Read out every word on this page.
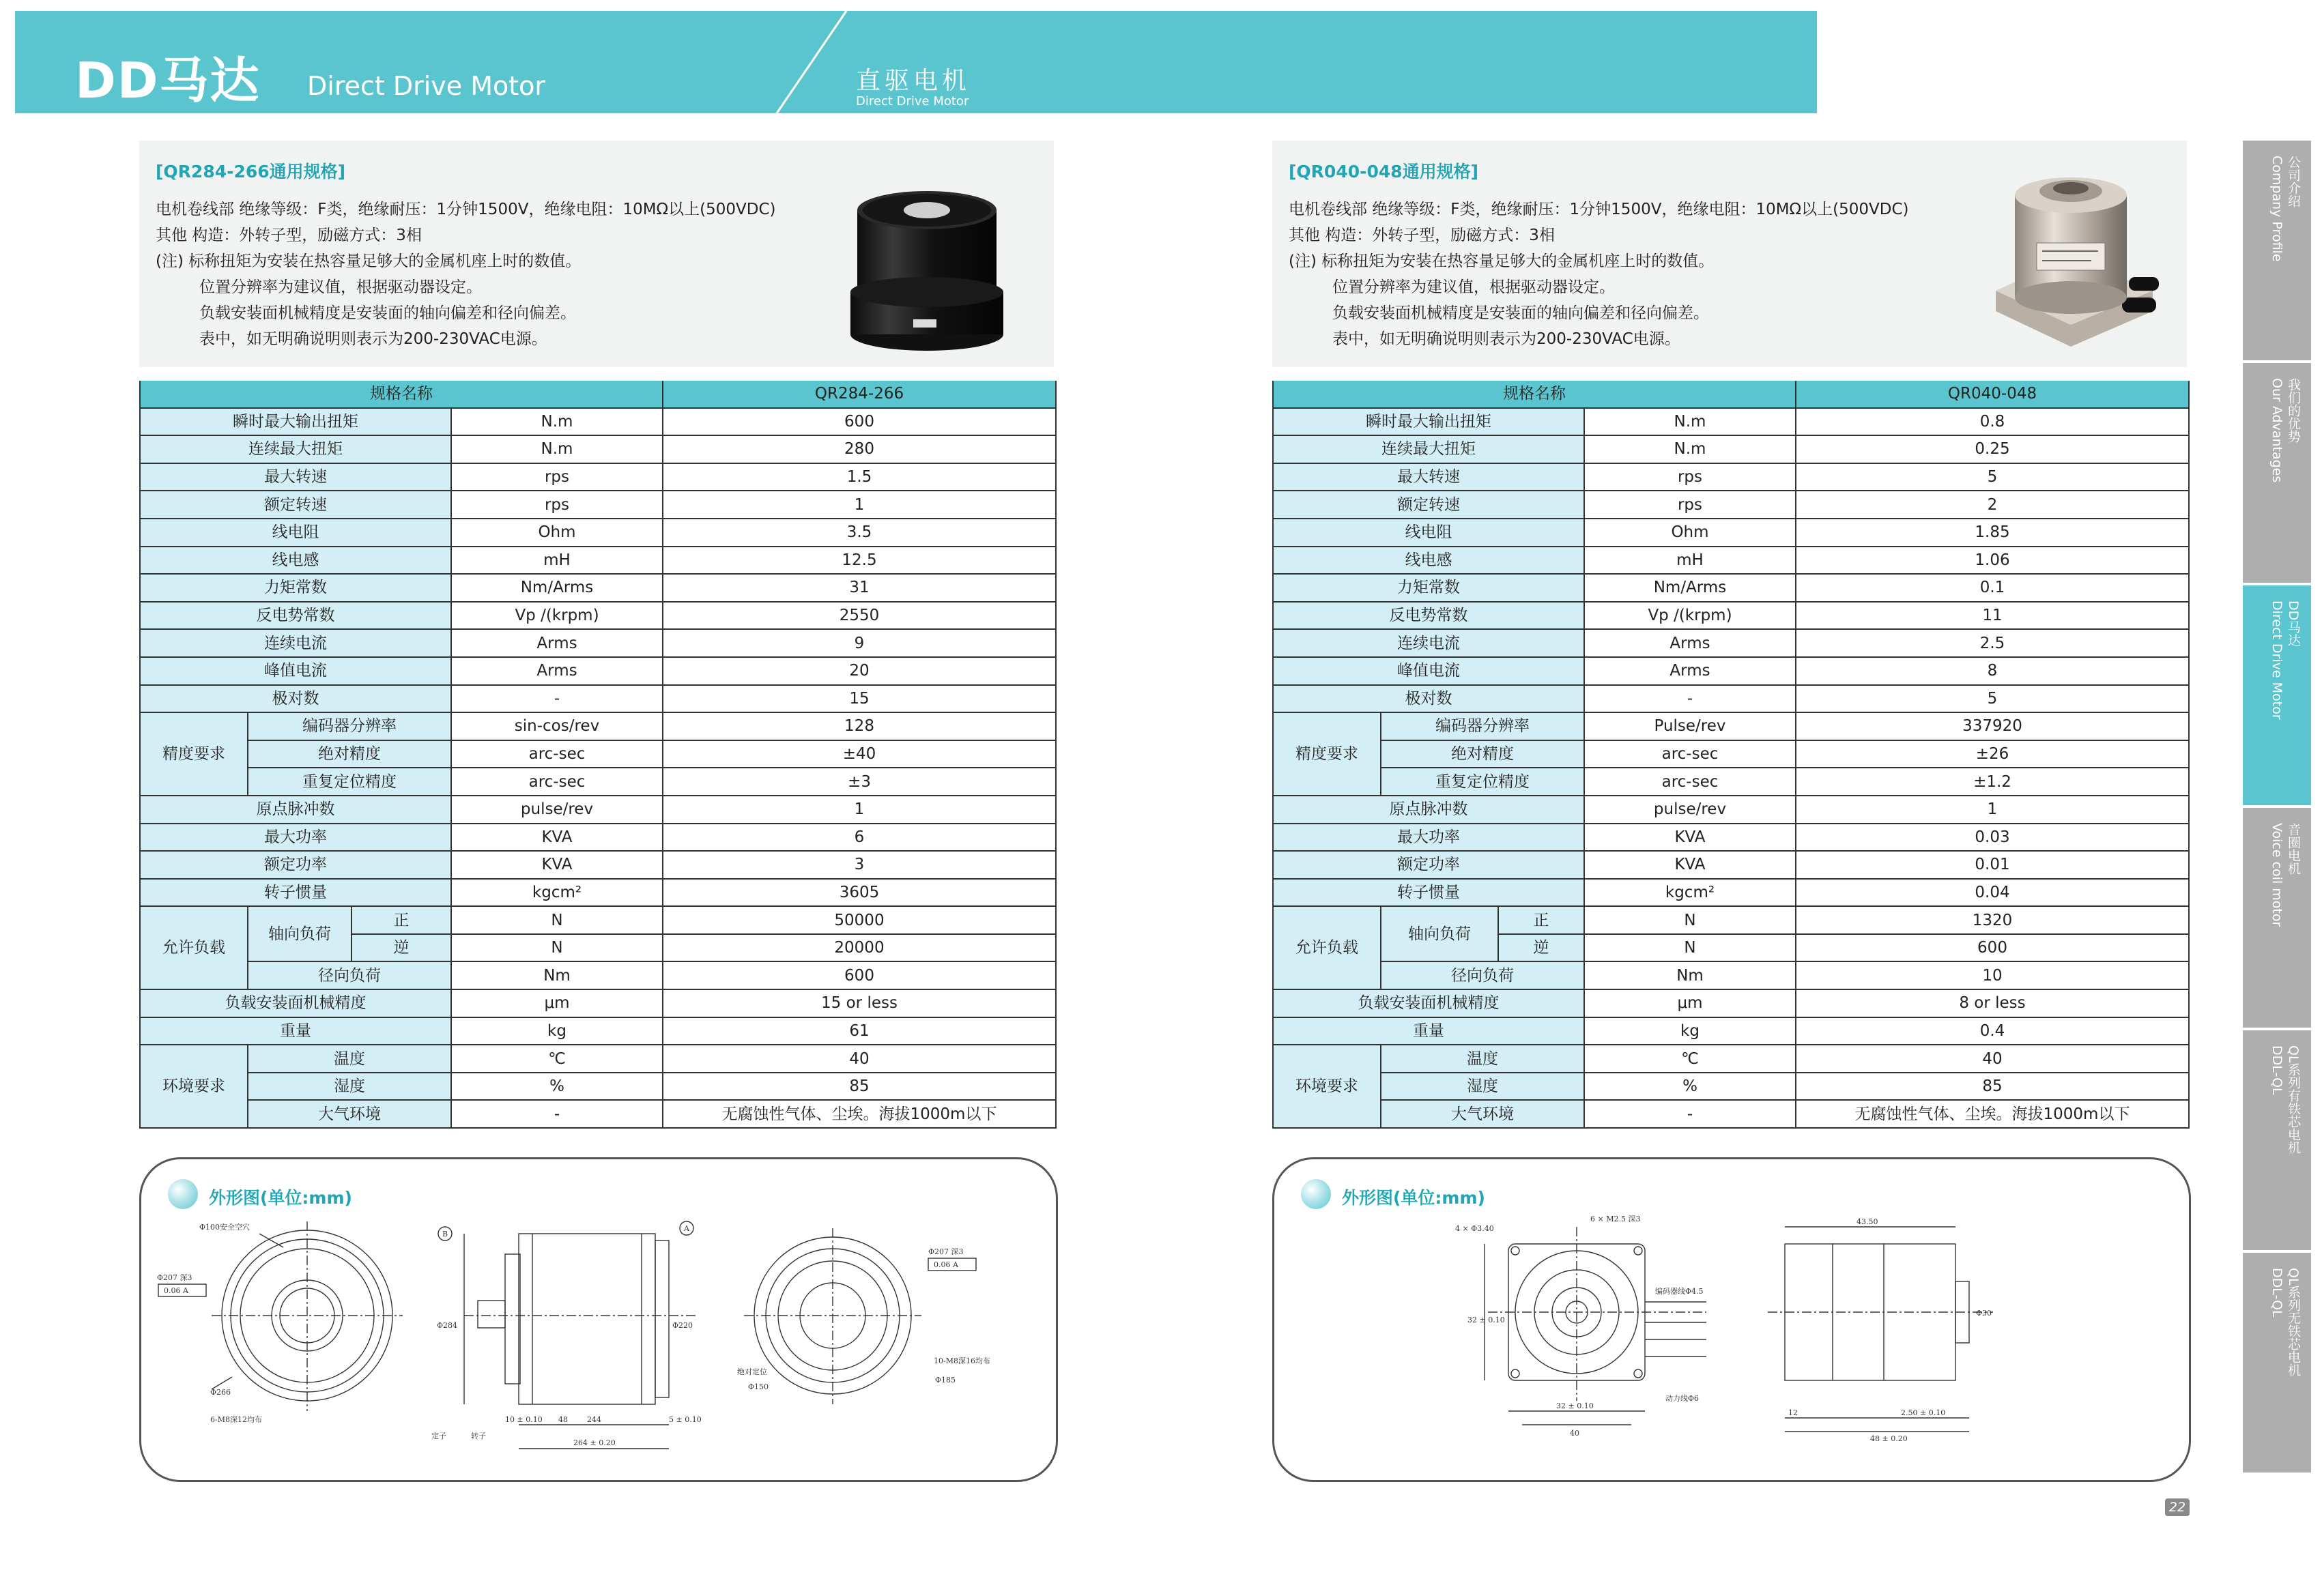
DD马达 Direct Drive Motor	直驱电机
Direct Drive Motor
[QR284-266通用规格]
电机卷线部 绝缘等级：F类，绝缘耐压：1分钟1500V，绝缘电阻：10MΩ以上(500VDC)
其他 构造：外转子型，励磁方式：3相
(注) 标称扭矩为安装在热容量足够大的金属机座上时的数值。
位置分辨率为建议值，根据驱动器设定。
负载安装面机械精度是安装面的轴向偏差和径向偏差。
表中，如无明确说明则表示为200-230VAC电源。
[QR040-048通用规格]
电机卷线部 绝缘等级：F类，绝缘耐压：1分钟1500V，绝缘电阻：10MΩ以上(500VDC)
其他 构造：外转子型，励磁方式：3相
(注) 标称扭矩为安装在热容量足够大的金属机座上时的数值。
位置分辨率为建议值，根据驱动器设定。
负载安装面机械精度是安装面的轴向偏差和径向偏差。
表中，如无明确说明则表示为200-230VAC电源。
规格名称				QR284-266
瞬时最大输出扭矩			N.m	600
连续最大扭矩			N.m	280
最大转速			rps	1.5
额定转速			rps	1
线电阻			Ohm	3.5
线电感			mH	12.5
力矩常数			Nm/Arms	31
反电势常数			Vp /(krpm)	2550
连续电流			Arms	9
峰值电流			Arms	20
极对数			-	15
精度要求	编码器分辨率		sin-cos/rev	128
	绝对精度		arc-sec	±40
	重复定位精度		arc-sec	±3
原点脉冲数			pulse/rev	1
最大功率			KVA	6
额定功率			KVA	3
转子惯量			kgcm²	3605
允许负载	轴向负荷	正	N	50000
		逆	N	20000
	径向负荷		Nm	600
负载安装面机械精度			μm	15 or less
重量			kg	61
环境要求	温度		℃	40
	湿度		%	85
	大气环境		-	无腐蚀性气体、尘埃。海拔1000m以下
规格名称				QR040-048
瞬时最大输出扭矩			N.m	0.8
连续最大扭矩			N.m	0.25
最大转速			rps	5
额定转速			rps	2
线电阻			Ohm	1.85
线电感			mH	1.06
力矩常数			Nm/Arms	0.1
反电势常数			Vp /(krpm)	11
连续电流			Arms	2.5
峰值电流			Arms	8
极对数			-	5
精度要求	编码器分辨率		Pulse/rev	337920
	绝对精度		arc-sec	±26
	重复定位精度		arc-sec	±1.2
原点脉冲数			pulse/rev	1
最大功率			KVA	0.03
额定功率			KVA	0.01
转子惯量			kgcm²	0.04
允许负载	轴向负荷	正	N	1320
		逆	N	600
	径向负荷		Nm	10
负载安装面机械精度			μm	8 or less
重量			kg	0.4
环境要求	温度		℃	40
	湿度		%	85
	大气环境		-	无腐蚀性气体、尘埃。海拔1000m以下
外形图(单位:mm)
Φ100安全空穴
Φ207 深3
0.06 A
Φ266
6-M8深12均布
B
A
Φ284	Φ220
48	244
10 ± 0.10	5 ± 0.10
264 ± 0.20
定子	转子
Φ207 深3
0.06 A
10-M8深16均布
Φ185
绝对定位
Φ150
外形图(单位:mm)
4 × Φ3.40
6 × M2.5 深3
编码器线Φ4.5
动力线Φ6
32 ± 0.10
40
32 ± 0.10
43.50
12	2.50 ± 0.10
48 ± 0.20
Φ30
公司介绍
Company Profile
我们的优势
Our Advantages
DD马达
Direct Drive Motor
音圈电机
Voice coil motor
QL系列有铁芯电机
DDL-QL
QL系列无铁芯电机
DDL-QL
22
